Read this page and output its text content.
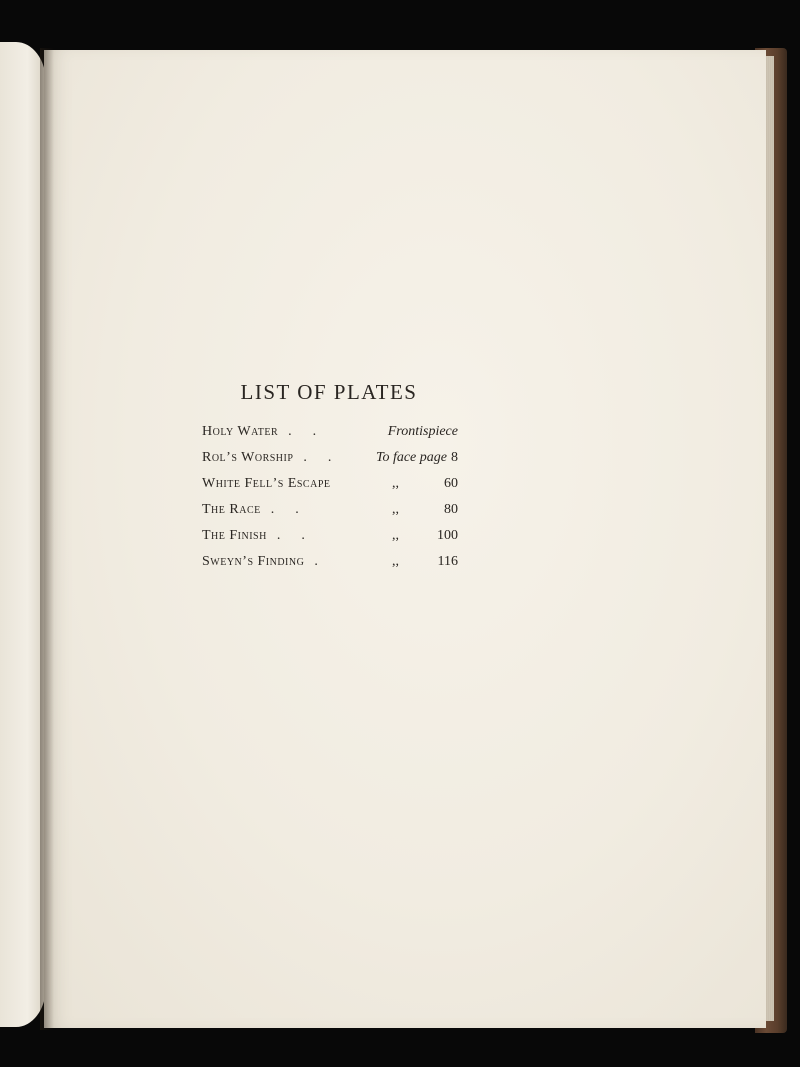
LIST OF PLATES
Holy Water .      .	Frontispiece
Rol’s Worship .      .	To face page 8
White Fell’s Escape	,,	60
The Race .      .	,,	80
The Finish .      .	,,	100
Sweyn’s Finding .	,,	116
